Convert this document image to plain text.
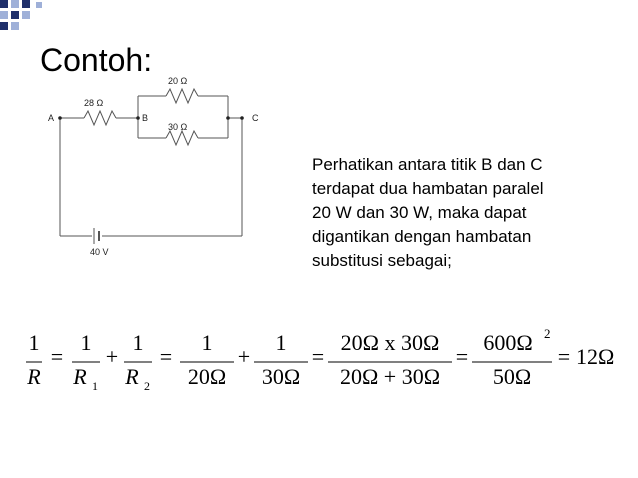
Contoh:
A	B	C
28 Ω
20 Ω
30 Ω
40 V
Perhatikan antara titik B dan C
terdapat dua hambatan paralel
20 W dan 30 W, maka dapat
digantikan dengan hambatan
substitusi sebagai;
1
R
=
1
R 1
+
1
R 2
=
1
20Ω
+
1
30Ω
=
20Ω x 30Ω
20Ω + 30Ω
=
600Ω 2
50Ω
= 12Ω
